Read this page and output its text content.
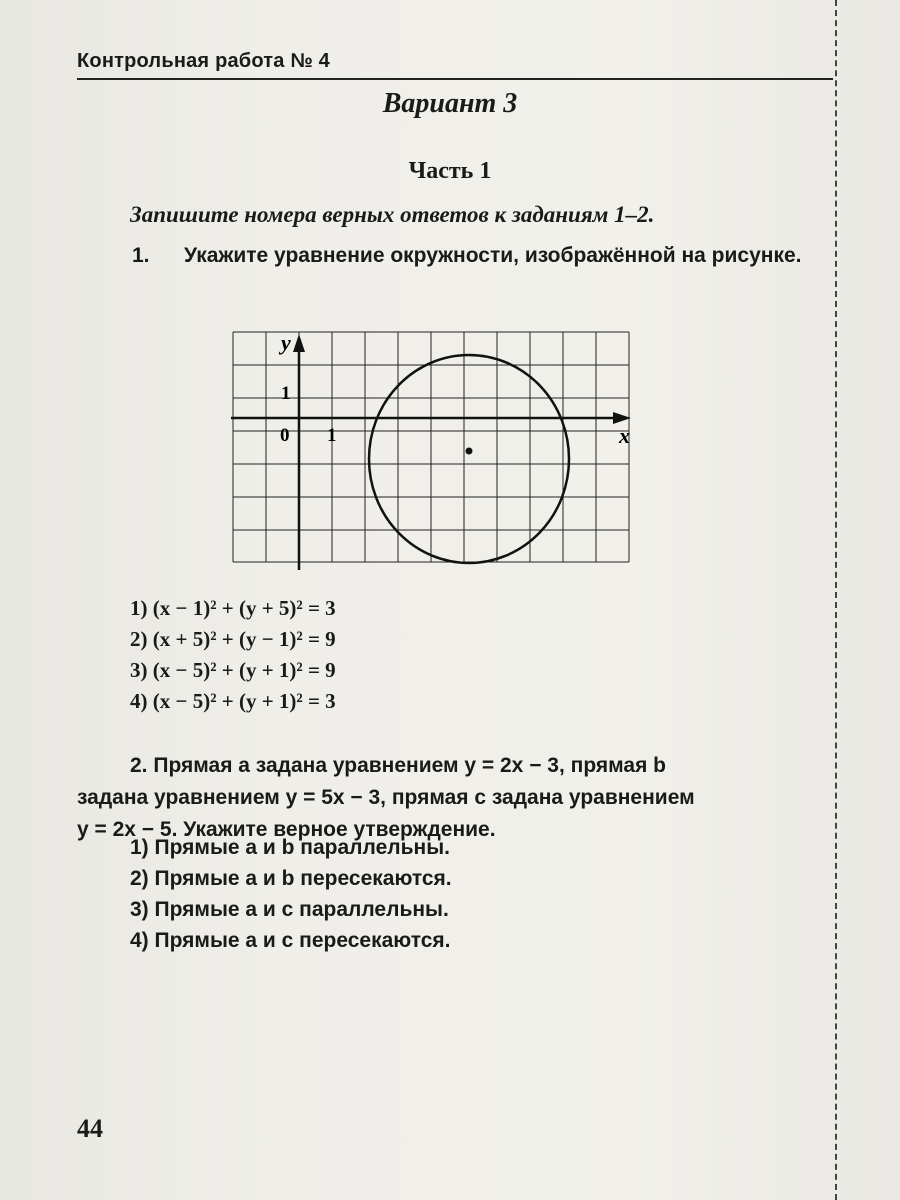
Контрольная работа № 4
Вариант 3
Часть 1
Запишите номера верных ответов к заданиям 1–2.
1. Укажите уравнение окружности, изображённой на рисунке.
y
x
0 1
1
1) (x − 1)² + (y + 5)² = 3
2) (x + 5)² + (y − 1)² = 9
3) (x − 5)² + (y + 1)² = 9
4) (x − 5)² + (y + 1)² = 3
2. Прямая a задана уравнением y = 2x − 3, прямая b
задана уравнением y = 5x − 3, прямая c задана уравнением
y = 2x − 5. Укажите верное утверждение.
1) Прямые a и b параллельны.
2) Прямые a и b пересекаются.
3) Прямые a и c параллельны.
4) Прямые a и c пересекаются.
44
